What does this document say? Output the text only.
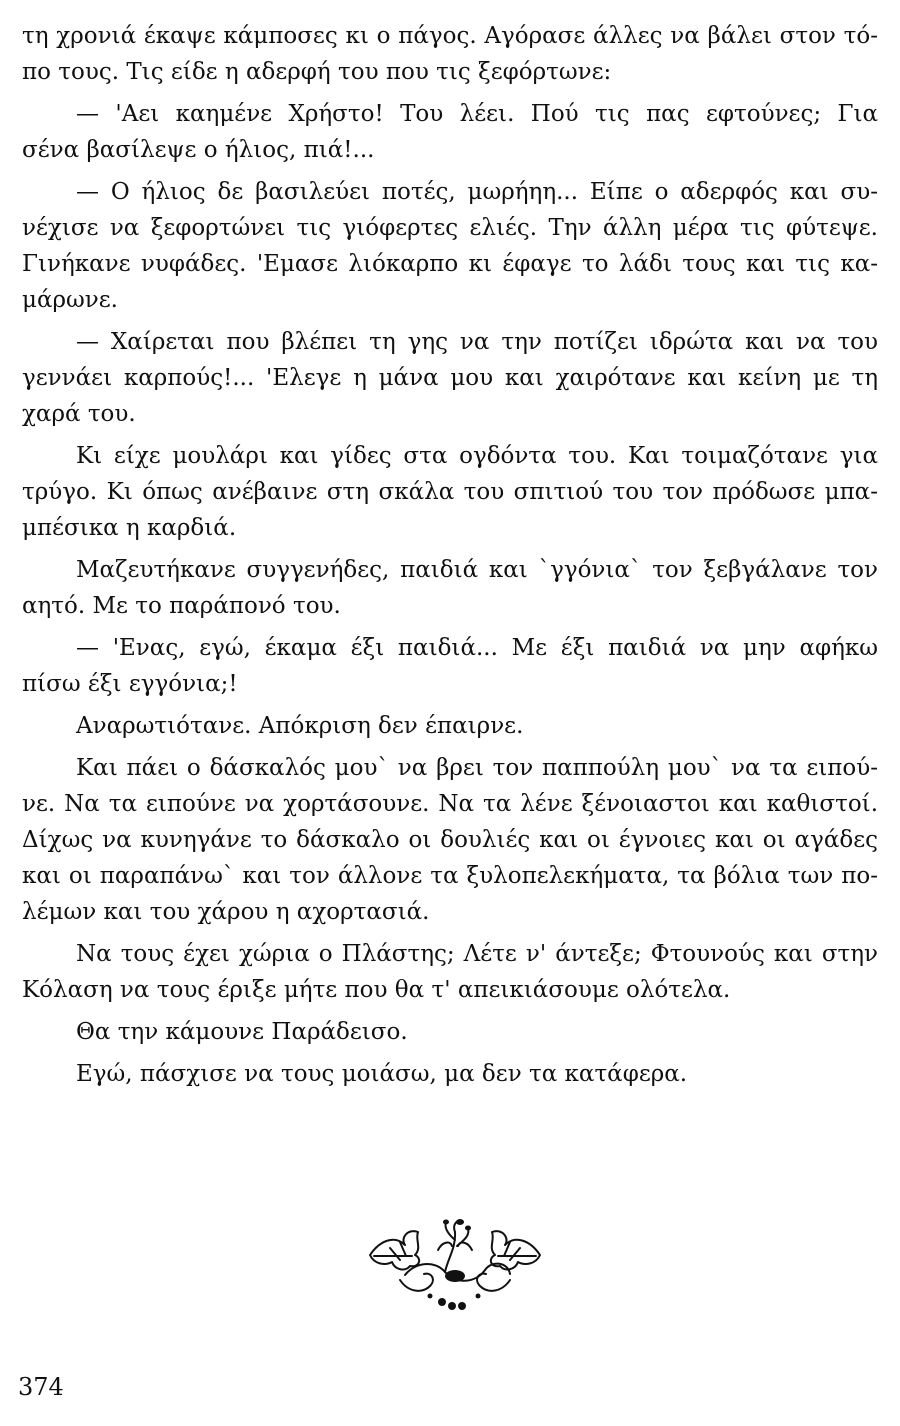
τη χρονιά έκαψε κάμποσες κι ο πάγος. Αγόρασε άλλες να βάλει στον τό-
πο τους. Τις είδε η αδερφή του που τις ξεφόρτωνε:
— 'Αει καημένε Χρήστο! Του λέει. Πού τις πας εφτούνες; Για
σένα βασίλεψε ο ήλιος, πιά!...
— Ο ήλιος δε βασιλεύει ποτές, μωρήηη... Είπε ο αδερφός και συ-
νέχισε να ξεφορτώνει τις γιόφερτες ελιές. Την άλλη μέρα τις φύτεψε.
Γινήκανε νυφάδες. 'Εμασε λιόκαρπο κι έφαγε το λάδι τους και τις κα-
μάρωνε.
— Χαίρεται που βλέπει τη γης να την ποτίζει ιδρώτα και να του
γεννάει καρπούς!... 'Ελεγε η μάνα μου και χαιρότανε και κείνη με τη
χαρά του.
Κι είχε μουλάρι και γίδες στα ογδόντα του. Και τοιμαζότανε για
τρύγο. Κι όπως ανέβαινε στη σκάλα του σπιτιού του τον πρόδωσε μπα-
μπέσικα η καρδιά.
Μαζευτήκανε συγγενήδες, παιδιά και `γγόνια` τον ξεβγάλανε τον
αητό. Με το παράπονό του.
— 'Ενας, εγώ, έκαμα έξι παιδιά... Με έξι παιδιά να μην αφήκω
πίσω έξι εγγόνια;!
Αναρωτιότανε. Απόκριση δεν έπαιρνε.
Και πάει ο δάσκαλός μου` να βρει τον παππούλη μου` να τα ειπού-
νε. Να τα ειπούνε να χορτάσουνε. Να τα λένε ξένοιαστοι και καθιστοί.
Δίχως να κυνηγάνε το δάσκαλο οι δουλιές και οι έγνοιες και οι αγάδες
και οι παραπάνω` και τον άλλονε τα ξυλοπελεκήματα, τα βόλια των πο-
λέμων και του χάρου η αχορτασιά.
Να τους έχει χώρια ο Πλάστης; Λέτε ν' άντεξε; Φτουνούς και στην
Κόλαση να τους έριξε μήτε που θα τ' απεικιάσουμε ολότελα.
Θα την κάμουνε Παράδεισο.
Εγώ, πάσχισε να τους μοιάσω, μα δεν τα κατάφερα.
374
